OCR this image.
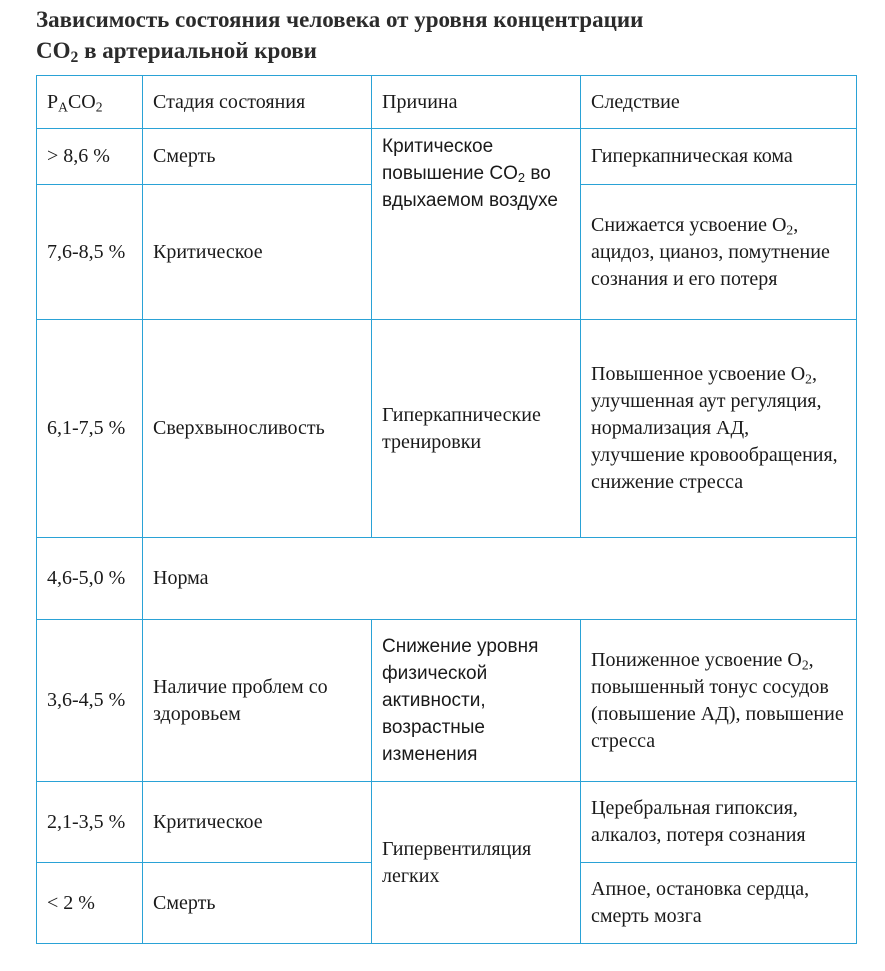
Зависимость состояния человека от уровня концентрации
$CO_2$ в артериальной крови
$P_ACO_2$	Стадия состояния	Причина	Следствие
> 8,6 %	Смерть	Критическое повышение $CO_2$ во вдыхаемом воздухе	Гиперкапническая кома
7,6-8,5 %	Критическое		Снижается усвоение $O_2$, ацидоз, цианоз, помутнение сознания и его потеря
6,1-7,5 %	Сверхвыносливость	Гиперкапнические тренировки	Повышенное усвоение $O_2$, улучшенная аут регуляция, нормализация АД, улучшение кровообращения, снижение стресса
4,6-5,0 %	Норма		
3,6-4,5 %	Наличие проблем со здоровьем	Снижение уровня физической активности, возрастные изменения	Пониженное усвоение $O_2$, повышенный тонус сосудов (повышение АД), повышение стресса
2,1-3,5 %	Критическое	Гипервентиляция легких	Церебральная гипоксия, алкалоз, потеря сознания
< 2 %	Смерть		Апное, остановка сердца, смерть мозга
